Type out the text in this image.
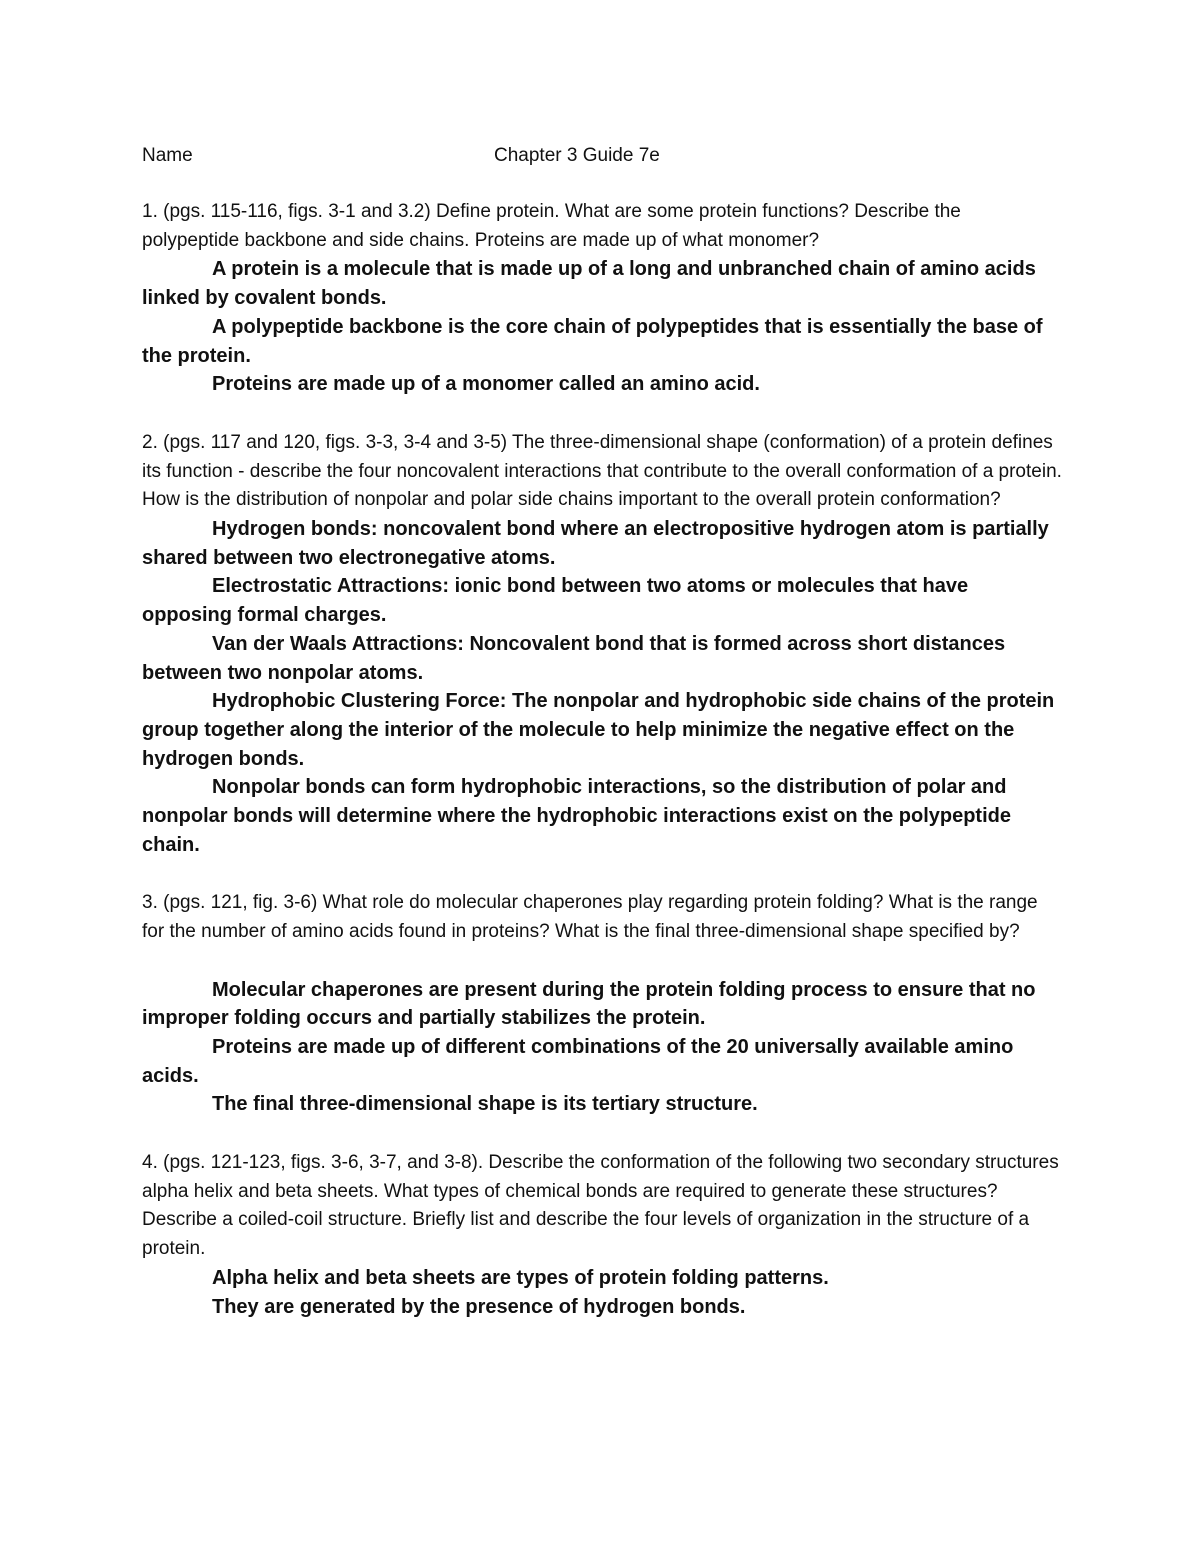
Name	Chapter 3 Guide 7e

1. (pgs. 115-116, figs. 3-1 and 3.2) Define protein. What are some protein functions? Describe the polypeptide backbone and side chains. Proteins are made up of what monomer?

A protein is a molecule that is made up of a long and unbranched chain of amino acids linked by covalent bonds.

A polypeptide backbone is the core chain of polypeptides that is essentially the base of the protein.

Proteins are made up of a monomer called an amino acid.

2. (pgs. 117 and 120, figs. 3-3, 3-4 and 3-5) The three-dimensional shape (conformation) of a protein defines its function - describe the four noncovalent interactions that contribute to the overall conformation of a protein. How is the distribution of nonpolar and polar side chains important to the overall protein conformation?

Hydrogen bonds: noncovalent bond where an electropositive hydrogen atom is partially shared between two electronegative atoms.

Electrostatic Attractions: ionic bond between two atoms or molecules that have opposing formal charges.

Van der Waals Attractions: Noncovalent bond that is formed across short distances between two nonpolar atoms.

Hydrophobic Clustering Force: The nonpolar and hydrophobic side chains of the protein group together along the interior of the molecule to help minimize the negative effect on the hydrogen bonds.

Nonpolar bonds can form hydrophobic interactions, so the distribution of polar and nonpolar bonds will determine where the hydrophobic interactions exist on the polypeptide chain.

3. (pgs. 121, fig. 3-6) What role do molecular chaperones play regarding protein folding? What is the range for the number of amino acids found in proteins? What is the final three-dimensional shape specified by?

Molecular chaperones are present during the protein folding process to ensure that no improper folding occurs and partially stabilizes the protein.

Proteins are made up of different combinations of the 20 universally available amino acids.

The final three-dimensional shape is its tertiary structure.

4. (pgs. 121-123, figs. 3-6, 3-7, and 3-8). Describe the conformation of the following two secondary structures alpha helix and beta sheets. What types of chemical bonds are required to generate these structures? Describe a coiled-coil structure. Briefly list and describe the four levels of organization in the structure of a protein.

Alpha helix and beta sheets are types of protein folding patterns.

They are generated by the presence of hydrogen bonds.
